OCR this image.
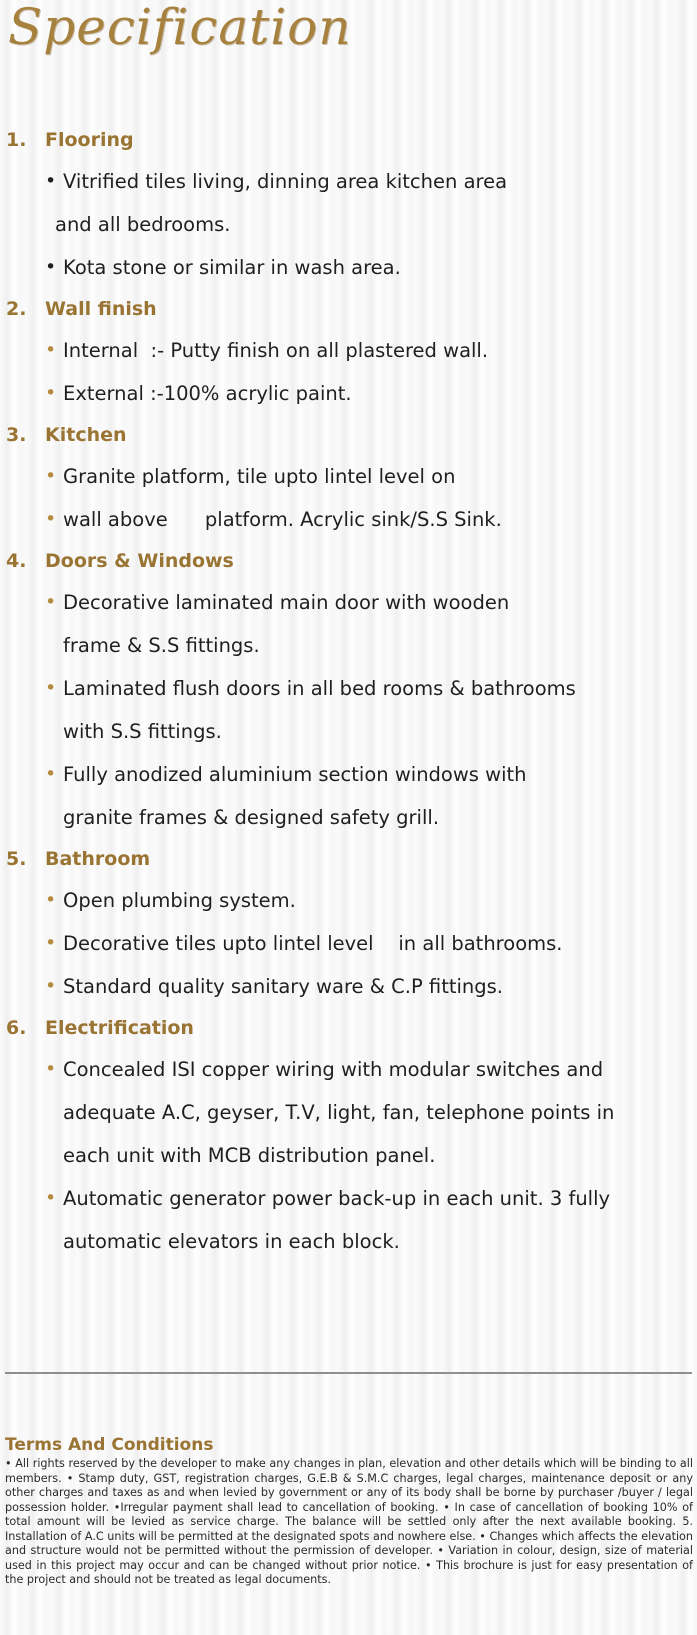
Specification
1. Flooring
• Vitrified tiles living, dinning area kitchen area
and all bedrooms.
• Kota stone or similar in wash area.
2. Wall finish
• Internal  :- Putty finish on all plastered wall.
• External :-100% acrylic paint.
3. Kitchen
• Granite platform, tile upto lintel level on
• wall above      platform. Acrylic sink/S.S Sink.
4. Doors & Windows
• Decorative laminated main door with wooden
frame & S.S fittings.
• Laminated flush doors in all bed rooms & bathrooms
with S.S fittings.
• Fully anodized aluminium section windows with
granite frames & designed safety grill.
5. Bathroom
• Open plumbing system.
• Decorative tiles upto lintel level    in all bathrooms.
• Standard quality sanitary ware & C.P fittings.
6. Electrification
• Concealed ISI copper wiring with modular switches and
adequate A.C, geyser, T.V, light, fan, telephone points in
each unit with MCB distribution panel.
• Automatic generator power back-up in each unit. 3 fully
automatic elevators in each block.
Terms And Conditions
• All rights reserved by the developer to make any changes in plan, elevation and other details which will be binding to all members. • Stamp duty, GST, registration charges, G.E.B & S.M.C charges, legal charges, maintenance deposit or any other charges and taxes as and when levied by government or any of its body shall be borne by purchaser /buyer / legal possession holder. •Irregular payment shall lead to cancellation of booking. • In case of cancellation of booking 10% of total amount will be levied as service charge. The balance will be settled only after the next available booking. 5. Installation of A.C units will be permitted at the designated spots and nowhere else. • Changes which affects the elevation and structure would not be permitted without the permission of developer. • Variation in colour, design, size of material used in this project may occur and can be changed without prior notice. • This brochure is just for easy presentation of the project and should not be treated as legal documents.
